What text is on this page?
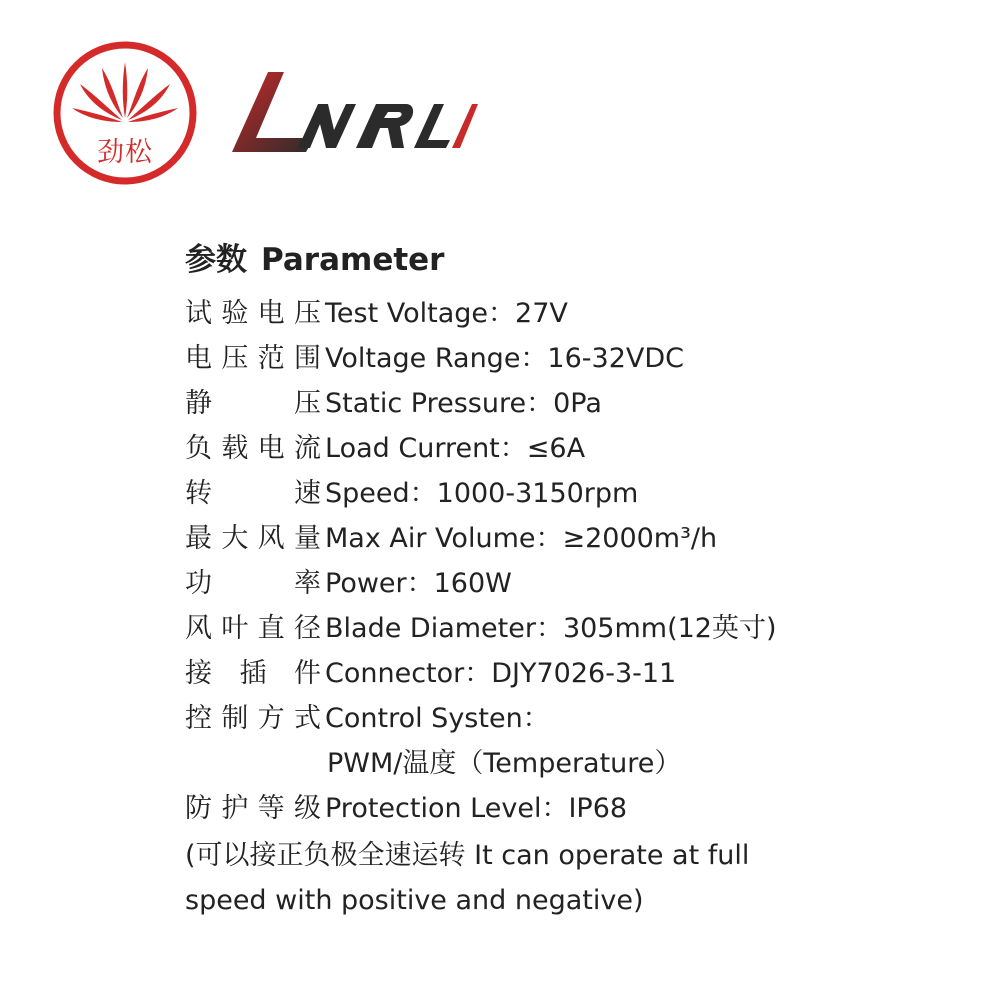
劲松
参数 Parameter
试验电压 Test Voltage：27V
电压范围 Voltage Range：16-32VDC
静压 Static Pressure：0Pa
负载电流 Load Current：≤6A
转速 Speed：1000-3150rpm
最大风量 Max Air Volume：≥2000m³/h
功率 Power：160W
风叶直径 Blade Diameter：305mm(12英寸)
接插件 Connector：DJY7026-3-11
控制方式 Control Systen：
PWM/温度（Temperature）
防护等级 Protection Level：IP68
(可以接正负极全速运转 It can operate at full
speed with positive and negative)
